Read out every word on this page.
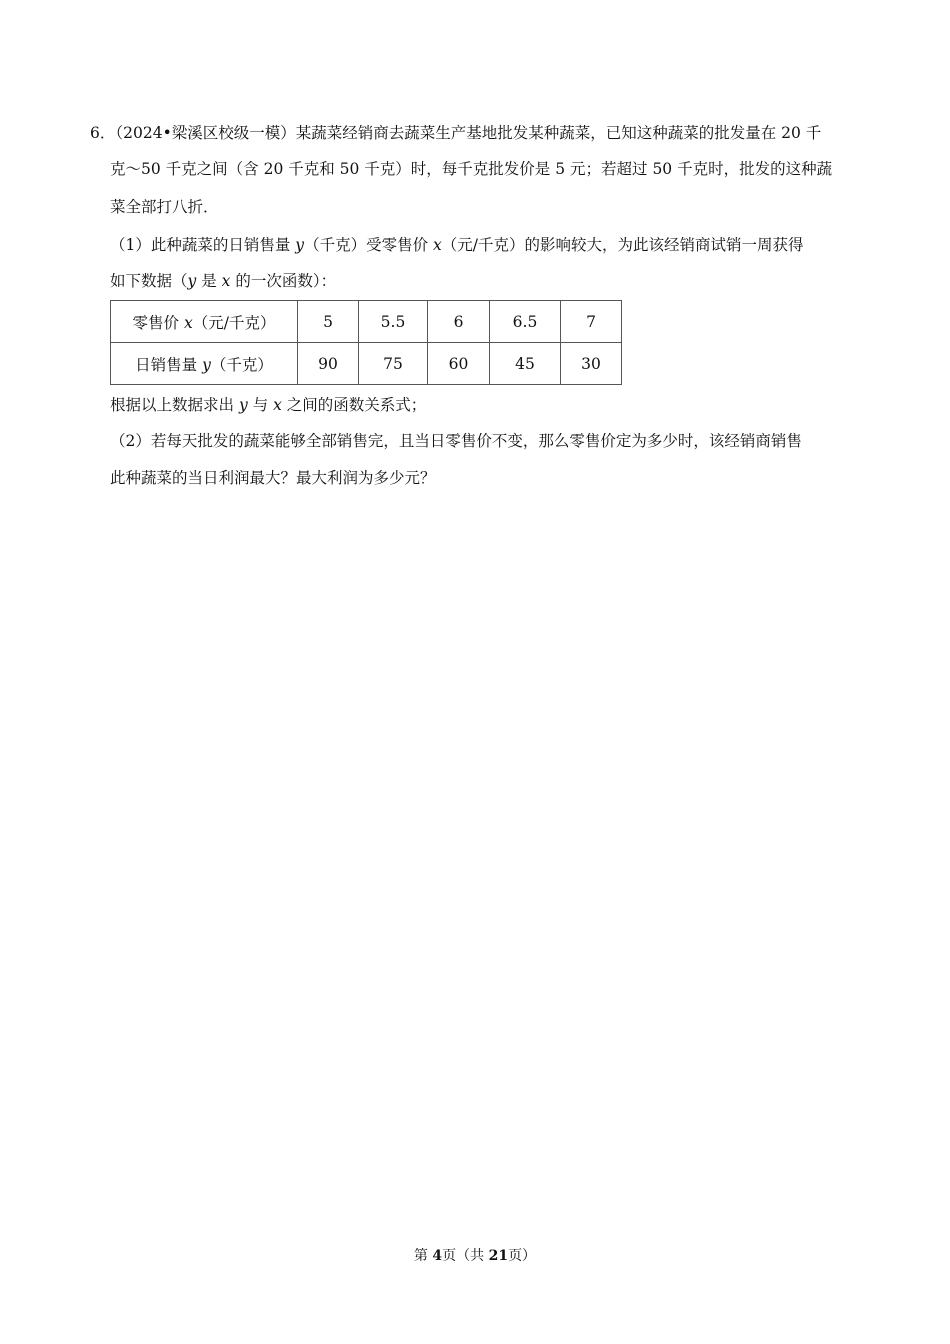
6．（2024•梁溪区校级一模）某蔬菜经销商去蔬菜生产基地批发某种蔬菜，已知这种蔬菜的批发量在 20 千
克～50 千克之间（含 20 千克和 50 千克）时，每千克批发价是 5 元；若超过 50 千克时，批发的这种蔬
菜全部打八折．
（1）此种蔬菜的日销售量 y（千克）受零售价 x（元/千克）的影响较大，为此该经销商试销一周获得
如下数据（y 是 x 的一次函数）：
零售价 x（元/千克）	5	5.5	6	6.5	7
日销售量 y（千克）	90	75	60	45	30
根据以上数据求出 y 与 x 之间的函数关系式；
（2）若每天批发的蔬菜能够全部销售完，且当日零售价不变，那么零售价定为多少时，该经销商销售
此种蔬菜的当日利润最大？最大利润为多少元？
第 4页（共 21页）
